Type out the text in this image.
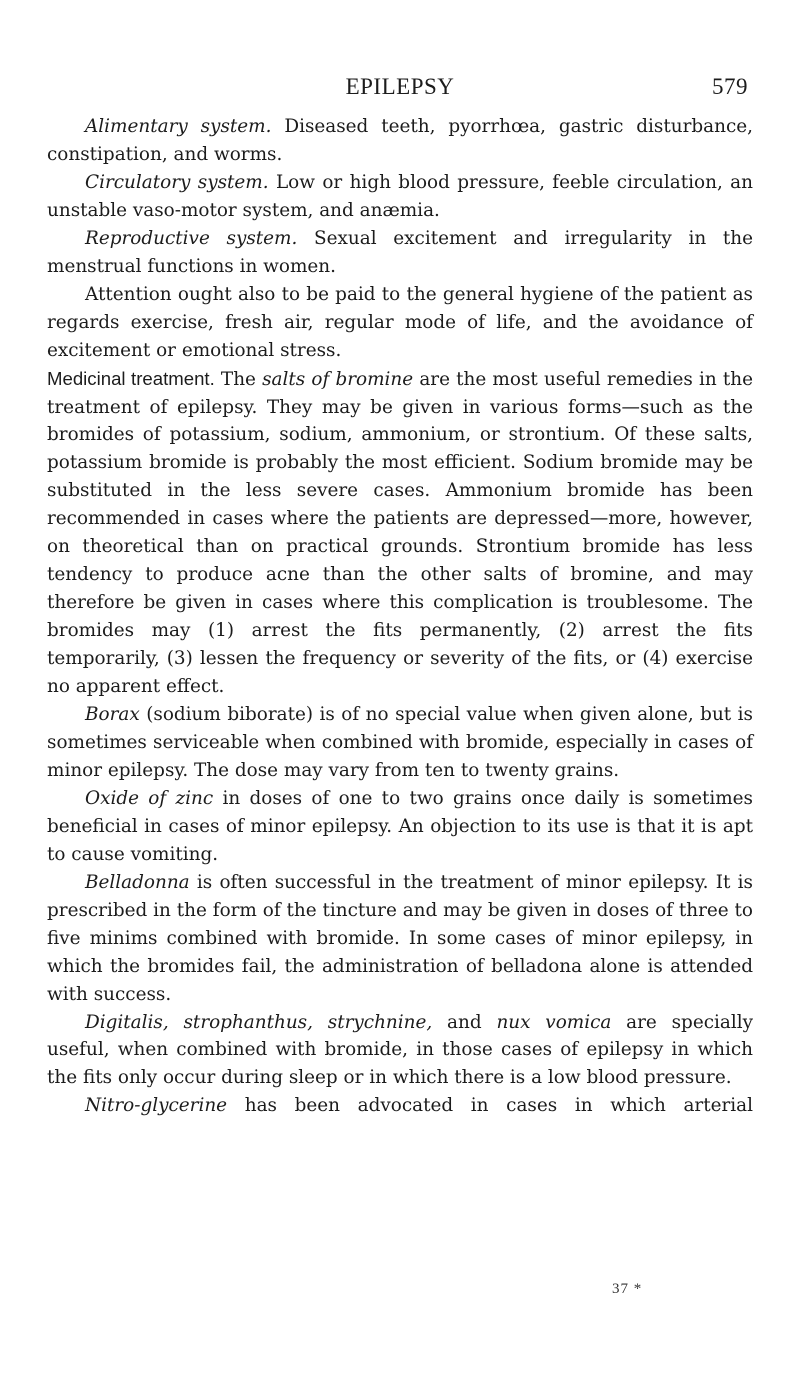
EPILEPSY	579

Alimentary system. Diseased teeth, pyorrhœa, gastric disturbance, constipation, and worms.

Circulatory system. Low or high blood pressure, feeble circulation, an unstable vaso-motor system, and anæmia.

Reproductive system. Sexual excitement and irregularity in the menstrual functions in women.

Attention ought also to be paid to the general hygiene of the patient as regards exercise, fresh air, regular mode of life, and the avoidance of excitement or emotional stress.

Medicinal treatment. The salts of bromine are the most useful remedies in the treatment of epilepsy. They may be given in various forms—such as the bromides of potassium, sodium, ammonium, or strontium. Of these salts, potassium bromide is probably the most efficient. Sodium bromide may be substituted in the less severe cases. Ammonium bromide has been recommended in cases where the patients are depressed—more, however, on theoretical than on practical grounds. Strontium bromide has less tendency to produce acne than the other salts of bromine, and may therefore be given in cases where this complication is troublesome. The bromides may (1) arrest the fits permanently, (2) arrest the fits temporarily, (3) lessen the frequency or severity of the fits, or (4) exercise no apparent effect.

Borax (sodium biborate) is of no special value when given alone, but is sometimes serviceable when combined with bromide, especially in cases of minor epilepsy. The dose may vary from ten to twenty grains.

Oxide of zinc in doses of one to two grains once daily is sometimes beneficial in cases of minor epilepsy. An objection to its use is that it is apt to cause vomiting.

Belladonna is often successful in the treatment of minor epilepsy. It is prescribed in the form of the tincture and may be given in doses of three to five minims combined with bromide. In some cases of minor epilepsy, in which the bromides fail, the administration of belladona alone is attended with success.

Digitalis, strophanthus, strychnine, and nux vomica are specially useful, when combined with bromide, in those cases of epilepsy in which the fits only occur during sleep or in which there is a low blood pressure.

Nitro-glycerine has been advocated in cases in which arterial

37 *
